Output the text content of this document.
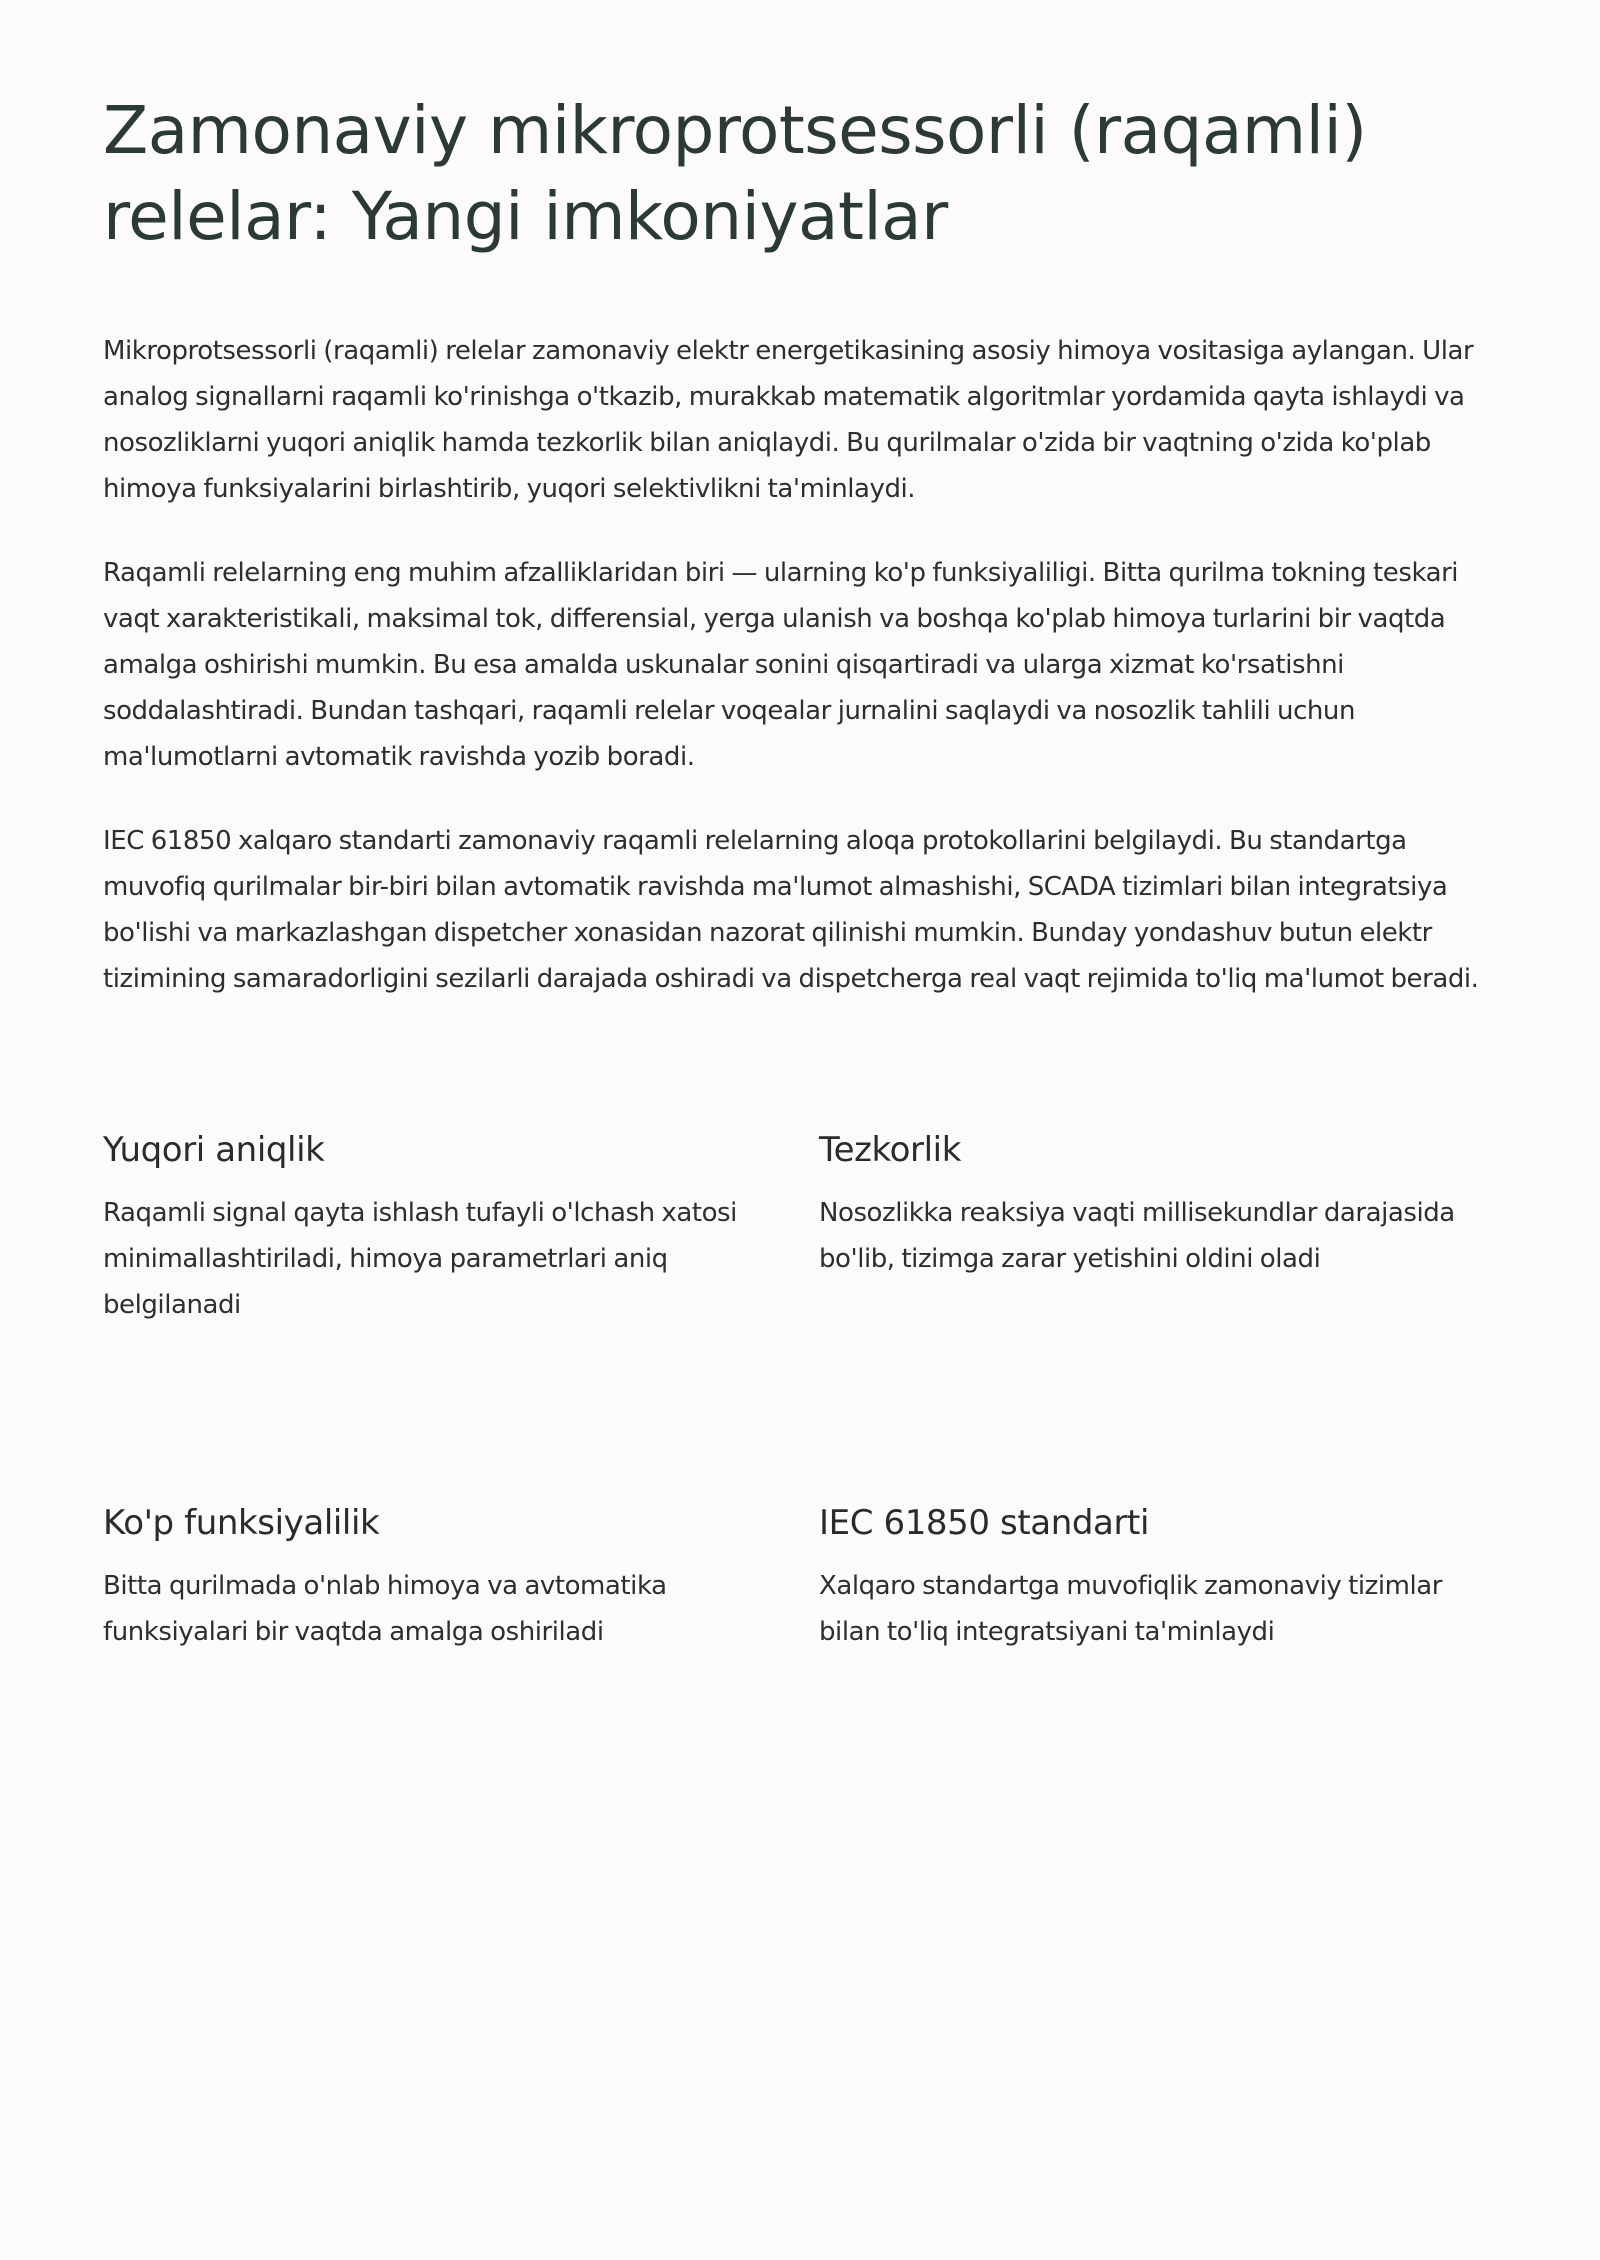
Zamonaviy mikroprotsessorli (raqamli) relelar: Yangi imkoniyatlar

Mikroprotsessorli (raqamli) relelar zamonaviy elektr energetikasining asosiy himoya vositasiga aylangan. Ular analog signallarni raqamli ko'rinishga o'tkazib, murakkab matematik algoritmlar yordamida qayta ishlaydi va nosozliklarni yuqori aniqlik hamda tezkorlik bilan aniqlaydi. Bu qurilmalar o'zida bir vaqtning o'zida ko'plab himoya funksiyalarini birlashtirib, yuqori selektivlikni ta'minlaydi.

Raqamli relelarning eng muhim afzalliklaridan biri — ularning ko'p funksiyaliligi. Bitta qurilma tokning teskari vaqt xarakteristikali, maksimal tok, differensial, yerga ulanish va boshqa ko'plab himoya turlarini bir vaqtda amalga oshirishi mumkin. Bu esa amalda uskunalar sonini qisqartiradi va ularga xizmat ko'rsatishni soddalashtiradi. Bundan tashqari, raqamli relelar voqealar jurnalini saqlaydi va nosozlik tahlili uchun ma'lumotlarni avtomatik ravishda yozib boradi.

IEC 61850 xalqaro standarti zamonaviy raqamli relelarning aloqa protokollarini belgilaydi. Bu standartga muvofiq qurilmalar bir-biri bilan avtomatik ravishda ma'lumot almashishi, SCADA tizimlari bilan integratsiya bo'lishi va markazlashgan dispetcher xonasidan nazorat qilinishi mumkin. Bunday yondashuv butun elektr tizimining samaradorligini sezilarli darajada oshiradi va dispetcherga real vaqt rejimida to'liq ma'lumot beradi.

Yuqori aniqlik

Raqamli signal qayta ishlash tufayli o'lchash xatosi minimallashtiriladi, himoya parametrlari aniq belgilanadi

Tezkorlik

Nosozlikka reaksiya vaqti millisekundlar darajasida bo'lib, tizimga zarar yetishini oldini oladi

Ko'p funksiyalilik

Bitta qurilmada o'nlab himoya va avtomatika funksiyalari bir vaqtda amalga oshiriladi

IEC 61850 standarti

Xalqaro standartga muvofiqlik zamonaviy tizimlar bilan to'liq integratsiyani ta'minlaydi
